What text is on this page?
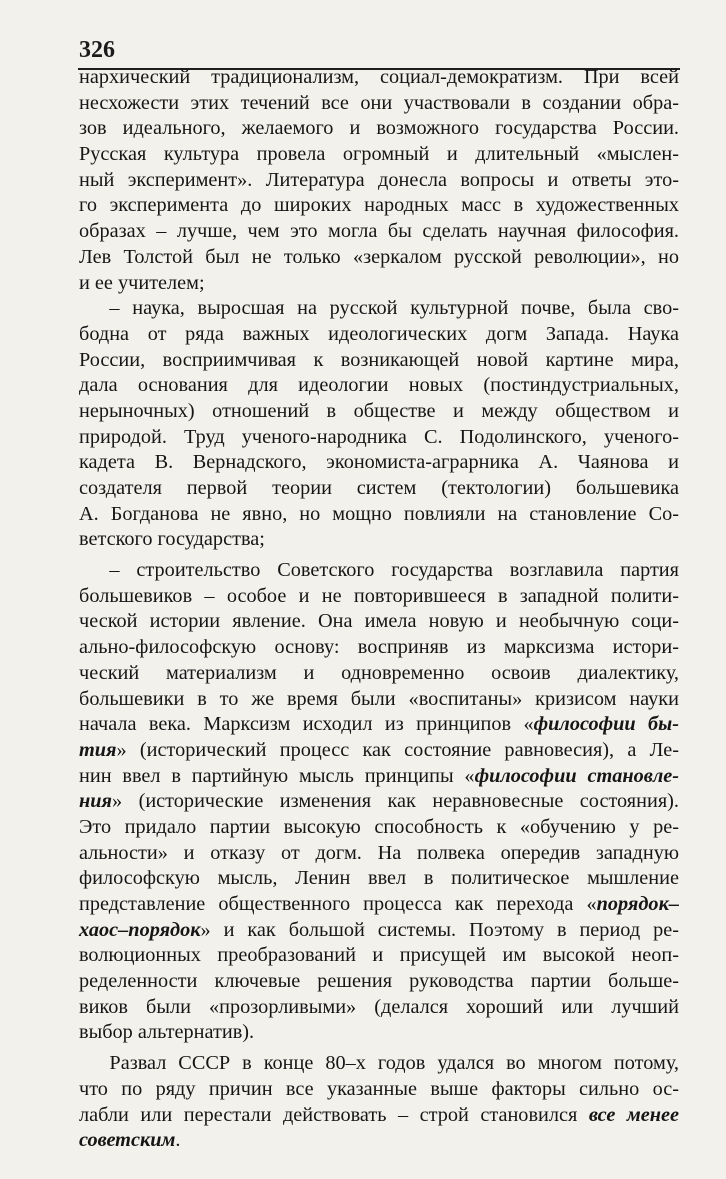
326
нархический традиционализм, социал-демократизм. При всей
несхожести этих течений все они участвовали в создании обра-
зов идеального, желаемого и возможного государства России.
Русская культура провела огромный и длительный «мыслен-
ный эксперимент». Литература донесла вопросы и ответы это-
го эксперимента до широких народных масс в художественных
образах – лучше, чем это могла бы сделать научная философия.
Лев Толстой был не только «зеркалом русской революции», но
и ее учителем;
  – наука, выросшая на русской культурной почве, была сво-
бодна от ряда важных идеологических догм Запада. Наука
России, восприимчивая к возникающей новой картине мира,
дала основания для идеологии новых (постиндустриальных,
нерыночных) отношений в обществе и между обществом и
природой. Труд ученого-народника С. Подолинского, ученого-
кадета В. Вернадского, экономиста-аграрника А. Чаянова и
создателя первой теории систем (тектологии) большевика
А. Богданова не явно, но мощно повлияли на становление Со-
ветского государства;
  – строительство Советского государства возглавила партия
большевиков – особое и не повторившееся в западной полити-
ческой истории явление. Она имела новую и необычную соци-
ально-философскую основу: восприняв из марксизма истори-
ческий материализм и одновременно освоив диалектику,
большевики в то же время были «воспитаны» кризисом науки
начала века. Марксизм исходил из принципов «философии бы-
тия» (исторический процесс как состояние равновесия), а Ле-
нин ввел в партийную мысль принципы «философии становле-
ния» (исторические изменения как неравновесные состояния).
Это придало партии высокую способность к «обучению у ре-
альности» и отказу от догм. На полвека опередив западную
философскую мысль, Ленин ввел в политическое мышление
представление общественного процесса как перехода «порядок–
хаос–порядок» и как большой системы. Поэтому в период ре-
волюционных преобразований и присущей им высокой неоп-
ределенности ключевые решения руководства партии больше-
виков были «прозорливыми» (делался хороший или лучший
выбор альтернатив).
  Развал СССР в конце 80–х годов удался во многом потому,
что по ряду причин все указанные выше факторы сильно ос-
лабли или перестали действовать – строй становился все менее
советским.
